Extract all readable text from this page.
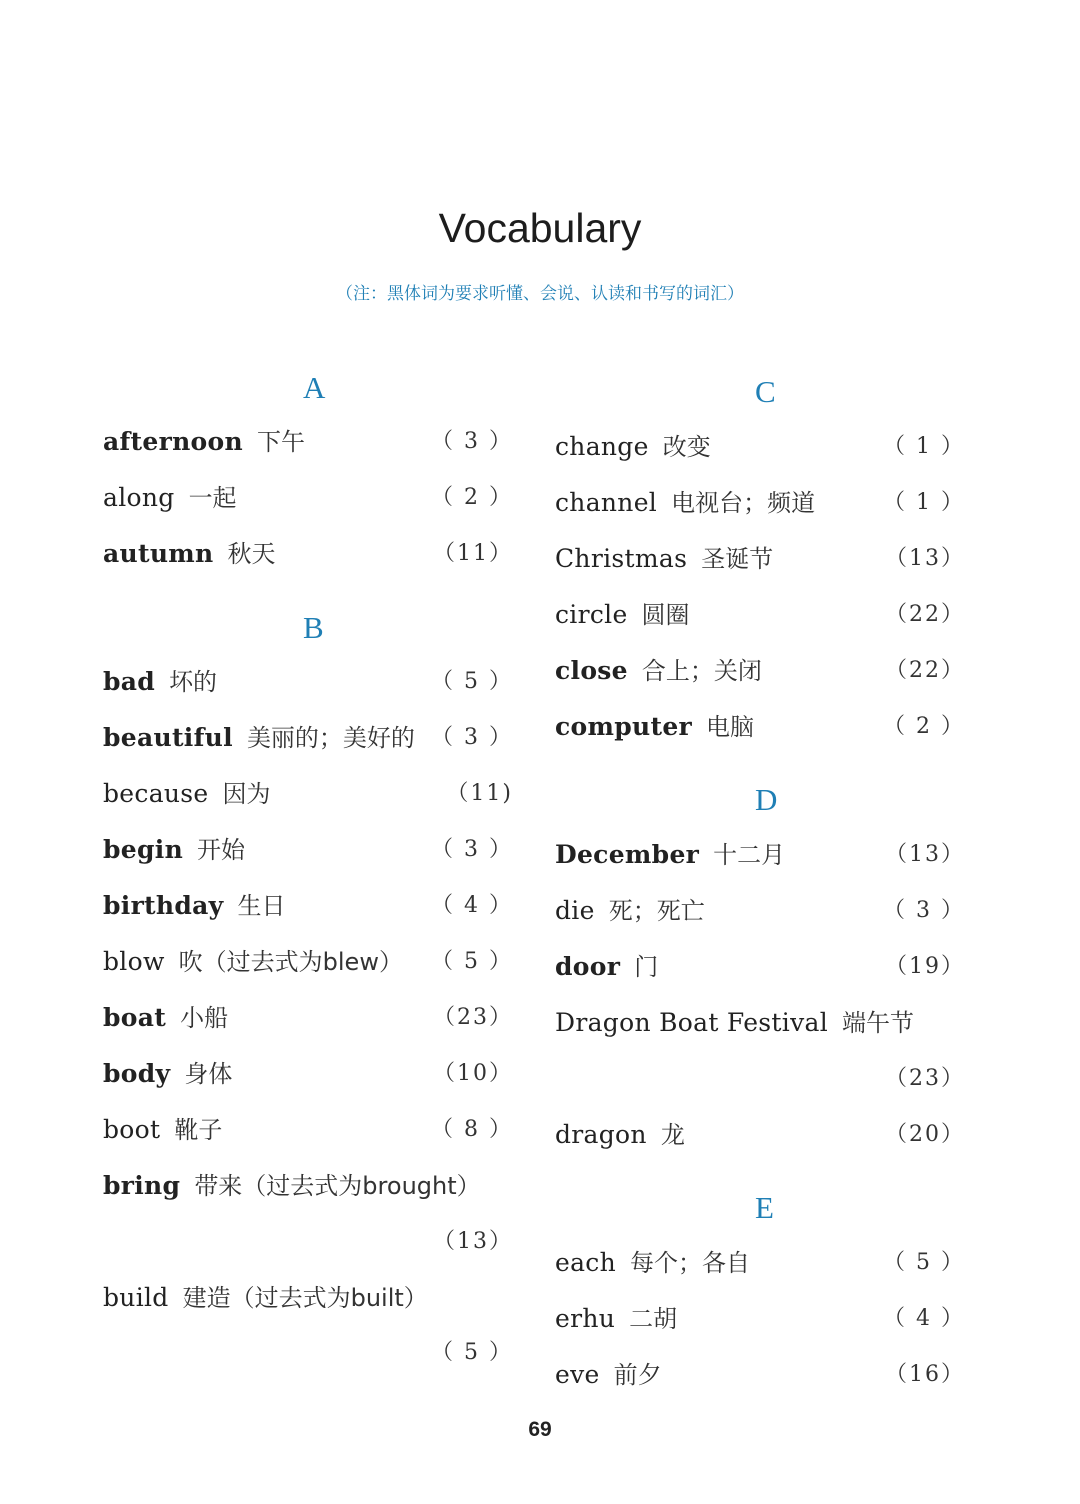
Vocabulary
（注：黑体词为要求听懂、会说、认读和书写的词汇）
A
afternoon 下午	（ 3 ）
along 一起	（ 2 ）
autumn 秋天	（11）
B
bad 坏的	（ 5 ）
beautiful 美丽的；美好的 （ 3 ）
because 因为	（11)
begin 开始	（ 3 ）
birthday 生日	（ 4 ）
blow 吹（过去式为blew） （ 5 ）
boat 小船	（23）
body 身体	（10）
boot 靴子	（ 8 ）
bring 带来（过去式为brought）
（13）
build 建造（过去式为built）
（ 5 ）
C
change 改变	（ 1 ）
channel 电视台；频道	（ 1 ）
Christmas 圣诞节	（13）
circle 圆圈	（22）
close 合上；关闭	（22）
computer 电脑	（ 2 ）
D
December 十二月	（13）
die 死；死亡	（ 3 ）
door 门	（19）
Dragon Boat Festival 端午节
（23）
dragon 龙	（20）
E
each 每个；各自	（ 5 ）
erhu 二胡	（ 4 ）
eve 前夕	（16）
69
